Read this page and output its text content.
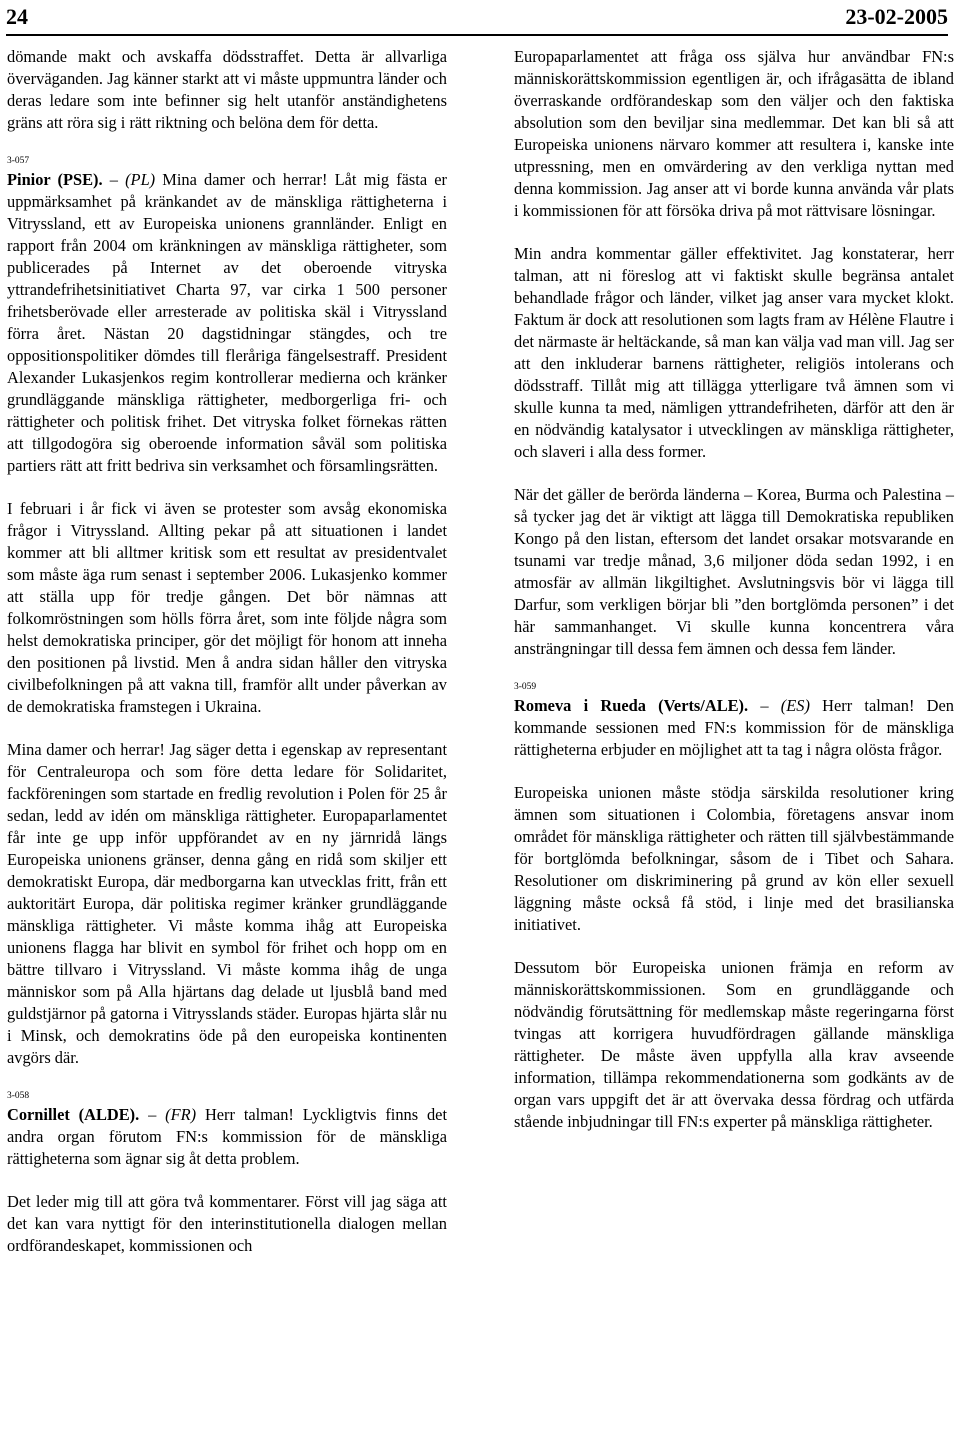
24	23-02-2005

dömande makt och avskaffa dödsstraffet. Detta är allvarliga överväganden. Jag känner starkt att vi måste uppmuntra länder och deras ledare som inte befinner sig helt utanför anständighetens gräns att röra sig i rätt riktning och belöna dem för detta.

3-057

Pinior (PSE). – (PL) Mina damer och herrar! Låt mig fästa er uppmärksamhet på kränkandet av de mänskliga rättigheterna i Vitryssland, ett av Europeiska unionens grannländer. Enligt en rapport från 2004 om kränkningen av mänskliga rättigheter, som publicerades på Internet av det oberoende vitryska yttrandefrihetsinitiativet Charta 97, var cirka 1 500 personer frihetsberövade eller arresterade av politiska skäl i Vitryssland förra året. Nästan 20 dagstidningar stängdes, och tre oppositionspolitiker dömdes till fleråriga fängelsestraff. President Alexander Lukasjenkos regim kontrollerar medierna och kränker grundläggande mänskliga rättigheter, medborgerliga fri- och rättigheter och politisk frihet. Det vitryska folket förnekas rätten att tillgodogöra sig oberoende information såväl som politiska partiers rätt att fritt bedriva sin verksamhet och församlingsrätten.

I februari i år fick vi även se protester som avsåg ekonomiska frågor i Vitryssland. Allting pekar på att situationen i landet kommer att bli alltmer kritisk som ett resultat av presidentvalet som måste äga rum senast i september 2006. Lukasjenko kommer att ställa upp för tredje gången. Det bör nämnas att folkomröstningen som hölls förra året, som inte följde några som helst demokratiska principer, gör det möjligt för honom att inneha den positionen på livstid. Men å andra sidan håller den vitryska civilbefolkningen på att vakna till, framför allt under påverkan av de demokratiska framstegen i Ukraina.

Mina damer och herrar! Jag säger detta i egenskap av representant för Centraleuropa och som före detta ledare för Solidaritet, fackföreningen som startade en fredlig revolution i Polen för 25 år sedan, ledd av idén om mänskliga rättigheter. Europaparlamentet får inte ge upp inför uppförandet av en ny järnridå längs Europeiska unionens gränser, denna gång en ridå som skiljer ett demokratiskt Europa, där medborgarna kan utvecklas fritt, från ett auktoritärt Europa, där politiska regimer kränker grundläggande mänskliga rättigheter. Vi måste komma ihåg att Europeiska unionens flagga har blivit en symbol för frihet och hopp om en bättre tillvaro i Vitryssland. Vi måste komma ihåg de unga människor som på Alla hjärtans dag delade ut ljusblå band med guldstjärnor på gatorna i Vitrysslands städer. Europas hjärta slår nu i Minsk, och demokratins öde på den europeiska kontinenten avgörs där.

3-058

Cornillet (ALDE). – (FR) Herr talman! Lyckligtvis finns det andra organ förutom FN:s kommission för de mänskliga rättigheterna som ägnar sig åt detta problem.

Det leder mig till att göra två kommentarer. Först vill jag säga att det kan vara nyttigt för den interinstitutionella dialogen mellan ordförandeskapet, kommissionen och

Europaparlamentet att fråga oss själva hur användbar FN:s människorättskommission egentligen är, och ifrågasätta de ibland överraskande ordförandeskap som den väljer och den faktiska absolution som den beviljar sina medlemmar. Det kan bli så att Europeiska unionens närvaro kommer att resultera i, kanske inte utpressning, men en omvärdering av den verkliga nyttan med denna kommission. Jag anser att vi borde kunna använda vår plats i kommissionen för att försöka driva på mot rättvisare lösningar.

Min andra kommentar gäller effektivitet. Jag konstaterar, herr talman, att ni föreslog att vi faktiskt skulle begränsa antalet behandlade frågor och länder, vilket jag anser vara mycket klokt. Faktum är dock att resolutionen som lagts fram av Hélène Flautre i det närmaste är heltäckande, så man kan välja vad man vill. Jag ser att den inkluderar barnens rättigheter, religiös intolerans och dödsstraff. Tillåt mig att tillägga ytterligare två ämnen som vi skulle kunna ta med, nämligen yttrandefriheten, därför att den är en nödvändig katalysator i utvecklingen av mänskliga rättigheter, och slaveri i alla dess former.

När det gäller de berörda länderna – Korea, Burma och Palestina – så tycker jag det är viktigt att lägga till Demokratiska republiken Kongo på den listan, eftersom det landet orsakar motsvarande en tsunami var tredje månad, 3,6 miljoner döda sedan 1992, i en atmosfär av allmän likgiltighet. Avslutningsvis bör vi lägga till Darfur, som verkligen börjar bli ”den bortglömda personen” i det här sammanhanget. Vi skulle kunna koncentrera våra ansträngningar till dessa fem ämnen och dessa fem länder.

3-059

Romeva i Rueda (Verts/ALE). – (ES) Herr talman! Den kommande sessionen med FN:s kommission för de mänskliga rättigheterna erbjuder en möjlighet att ta tag i några olösta frågor.

Europeiska unionen måste stödja särskilda resolutioner kring ämnen som situationen i Colombia, företagens ansvar inom området för mänskliga rättigheter och rätten till självbestämmande för bortglömda befolkningar, såsom de i Tibet och Sahara. Resolutioner om diskriminering på grund av kön eller sexuell läggning måste också få stöd, i linje med det brasilianska initiativet.

Dessutom bör Europeiska unionen främja en reform av människorättskommissionen. Som en grundläggande och nödvändig förutsättning för medlemskap måste regeringarna först tvingas att korrigera huvudfördragen gällande mänskliga rättigheter. De måste även uppfylla alla krav avseende information, tillämpa rekommendationerna som godkänts av de organ vars uppgift det är att övervaka dessa fördrag och utfärda stående inbjudningar till FN:s experter på mänskliga rättigheter.
